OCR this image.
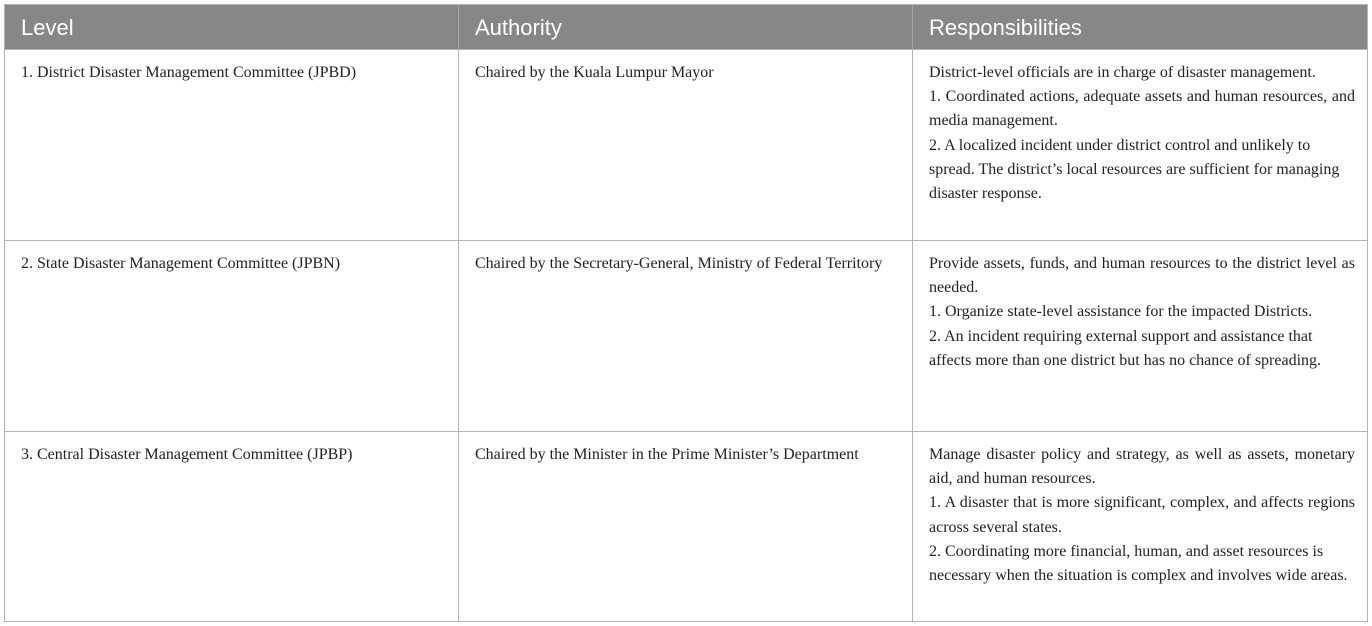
Level	Authority	Responsibilities
1. District Disaster Management Committee (JPBD)	Chaired by the Kuala Lumpur Mayor	District-level officials are in charge of disaster management.
1. Coordinated actions, adequate assets and human resources, and media management.
2. A localized incident under district control and unlikely to spread. The district’s local resources are sufficient for managing disaster response.
2. State Disaster Management Committee (JPBN)	Chaired by the Secretary-General, Ministry of Federal Territory	Provide assets, funds, and human resources to the district level as needed.
1. Organize state-level assistance for the impacted Districts.
2. An incident requiring external support and assistance that affects more than one district but has no chance of spreading.
3. Central Disaster Management Committee (JPBP)	Chaired by the Minister in the Prime Minister’s Department	Manage disaster policy and strategy, as well as assets, monetary aid, and human resources.
1. A disaster that is more significant, complex, and affects regions across several states.
2. Coordinating more financial, human, and asset resources is necessary when the situation is complex and involves wide areas.
